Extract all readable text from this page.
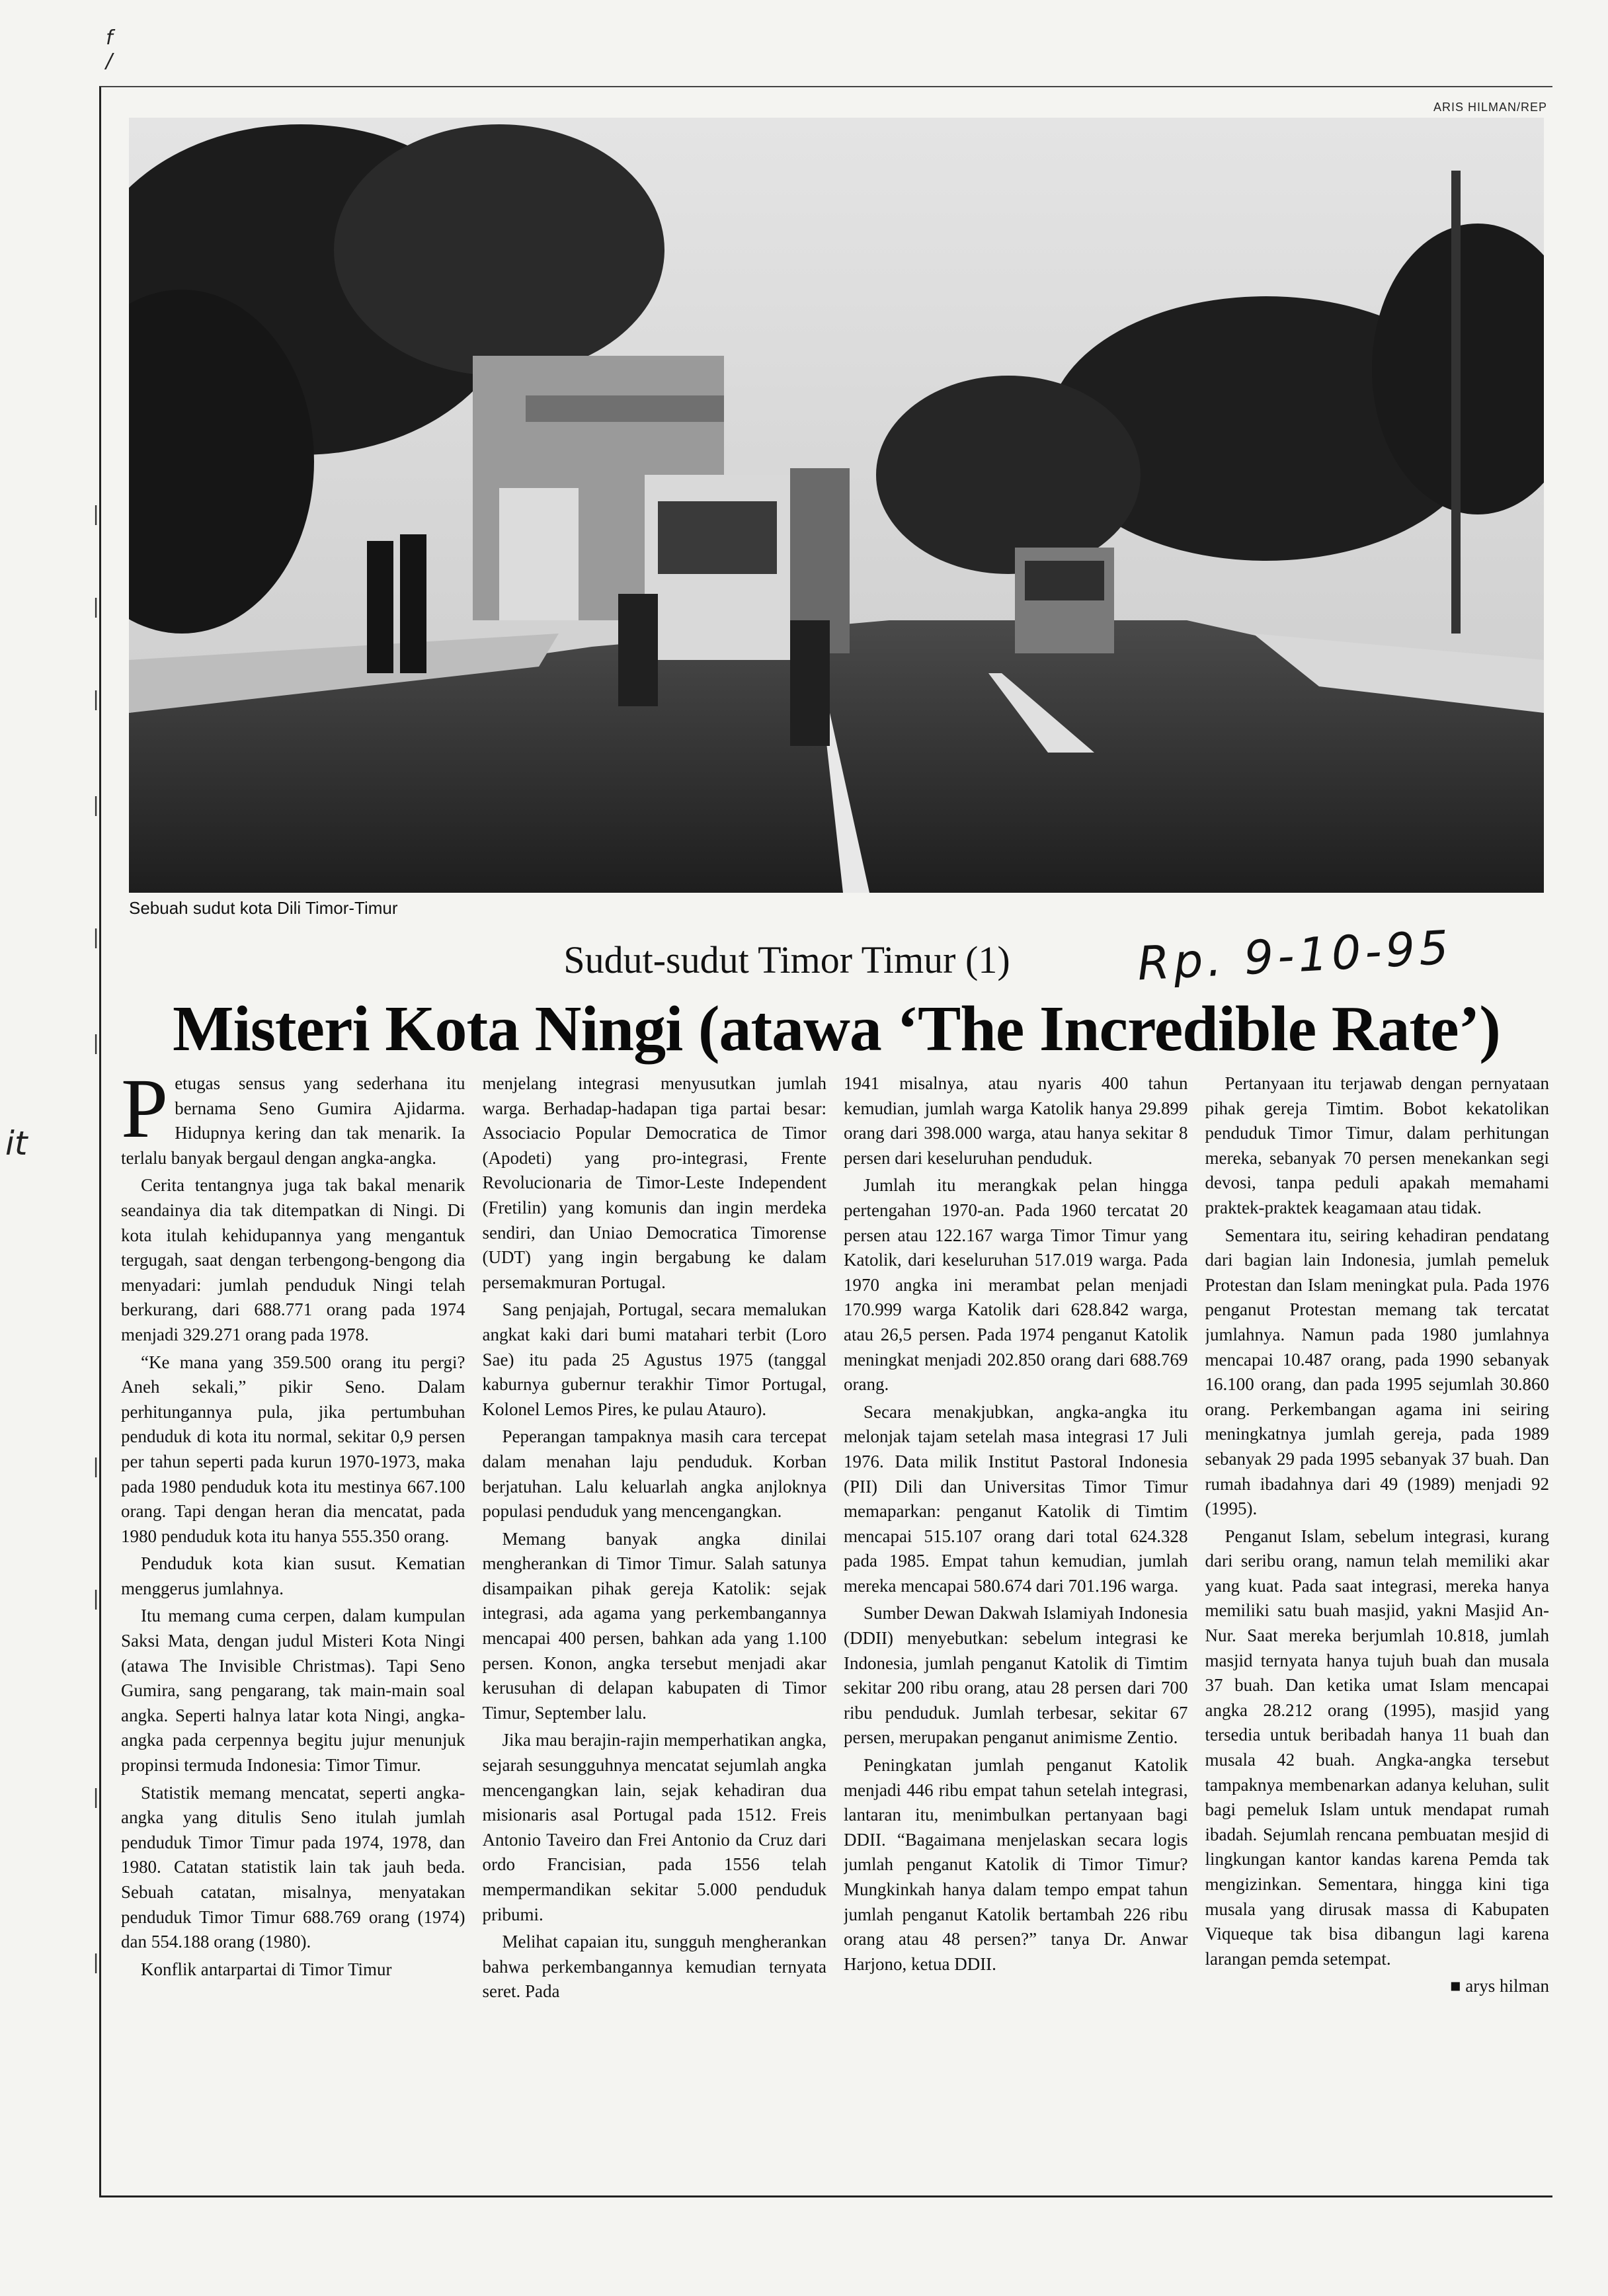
f /
it
|
|
|
|
|
|
|
|
|
|
ARIS HILMAN/REP
Sebuah sudut kota Dili Timor-Timur
Sudut-sudut Timor Timur (1)	Rp. 9-10-95
Misteri Kota Ningi (atawa ‘The Incredible Rate’)

Petugas sensus yang sederhana itu bernama Seno Gumira Ajidarma. Hidupnya kering dan tak menarik. Ia terlalu banyak bergaul dengan angka-angka.

Cerita tentangnya juga tak bakal menarik seandainya dia tak ditempatkan di Ningi. Di kota itulah kehidupannya yang mengantuk tergugah, saat dengan terbengong-bengong dia menyadari: jumlah penduduk Ningi telah berkurang, dari 688.771 orang pada 1974 menjadi 329.271 orang pada 1978.

“Ke mana yang 359.500 orang itu pergi? Aneh sekali,” pikir Seno. Dalam perhitungannya pula, jika pertumbuhan penduduk di kota itu normal, sekitar 0,9 persen per tahun seperti pada kurun 1970-1973, maka pada 1980 penduduk kota itu mestinya 667.100 orang. Tapi dengan heran dia mencatat, pada 1980 penduduk kota itu hanya 555.350 orang.

Penduduk kota kian susut. Kematian menggerus jumlahnya.

Itu memang cuma cerpen, dalam kumpulan Saksi Mata, dengan judul Misteri Kota Ningi (atawa The Invisible Christmas). Tapi Seno Gumira, sang pengarang, tak main-main soal angka. Seperti halnya latar kota Ningi, angka-angka pada cerpennya begitu jujur menunjuk propinsi termuda Indonesia: Timor Timur.

Statistik memang mencatat, seperti angka-angka yang ditulis Seno itulah jumlah penduduk Timor Timur pada 1974, 1978, dan 1980. Catatan statistik lain tak jauh beda. Sebuah catatan, misalnya, menyatakan penduduk Timor Timur 688.769 orang (1974) dan 554.188 orang (1980).

Konflik antarpartai di Timor Timur

menjelang integrasi menyusutkan jumlah warga. Berhadap-hadapan tiga partai besar: Associacio Popular Democratica de Timor (Apodeti) yang pro-integrasi, Frente Revolucionaria de Timor-Leste Independent (Fretilin) yang komunis dan ingin merdeka sendiri, dan Uniao Democratica Timorense (UDT) yang ingin bergabung ke dalam persemakmuran Portugal.

Sang penjajah, Portugal, secara memalukan angkat kaki dari bumi matahari terbit (Loro Sae) itu pada 25 Agustus 1975 (tanggal kaburnya gubernur terakhir Timor Portugal, Kolonel Lemos Pires, ke pulau Atauro).

Peperangan tampaknya masih cara tercepat dalam menahan laju penduduk. Korban berjatuhan. Lalu keluarlah angka anjloknya populasi penduduk yang mencengangkan.

Memang banyak angka dinilai mengherankan di Timor Timur. Salah satunya disampaikan pihak gereja Katolik: sejak integrasi, ada agama yang perkembangannya mencapai 400 persen, bahkan ada yang 1.100 persen. Konon, angka tersebut menjadi akar kerusuhan di delapan kabupaten di Timor Timur, September lalu.

Jika mau berajin-rajin memperhatikan angka, sejarah sesungguhnya mencatat sejumlah angka mencengangkan lain, sejak kehadiran dua misionaris asal Portugal pada 1512. Freis Antonio Taveiro dan Frei Antonio da Cruz dari ordo Francisian, pada 1556 telah mempermandikan sekitar 5.000 penduduk pribumi.

Melihat capaian itu, sungguh mengherankan bahwa perkembangannya kemudian ternyata seret. Pada

1941 misalnya, atau nyaris 400 tahun kemudian, jumlah warga Katolik hanya 29.899 orang dari 398.000 warga, atau hanya sekitar 8 persen dari keseluruhan penduduk.

Jumlah itu merangkak pelan hingga pertengahan 1970-an. Pada 1960 tercatat 20 persen atau 122.167 warga Timor Timur yang Katolik, dari keseluruhan 517.019 warga. Pada 1970 angka ini merambat pelan menjadi 170.999 warga Katolik dari 628.842 warga, atau 26,5 persen. Pada 1974 penganut Katolik meningkat menjadi 202.850 orang dari 688.769 orang.

Secara menakjubkan, angka-angka itu melonjak tajam setelah masa integrasi 17 Juli 1976. Data milik Institut Pastoral Indonesia (PII) Dili dan Universitas Timor Timur memaparkan: penganut Katolik di Timtim mencapai 515.107 orang dari total 624.328 pada 1985. Empat tahun kemudian, jumlah mereka mencapai 580.674 dari 701.196 warga.

Sumber Dewan Dakwah Islamiyah Indonesia (DDII) menyebutkan: sebelum integrasi ke Indonesia, jumlah penganut Katolik di Timtim sekitar 200 ribu orang, atau 28 persen dari 700 ribu penduduk. Jumlah terbesar, sekitar 67 persen, merupakan penganut animisme Zentio.

Peningkatan jumlah penganut Katolik menjadi 446 ribu empat tahun setelah integrasi, lantaran itu, menimbulkan pertanyaan bagi DDII. “Bagaimana menjelaskan secara logis jumlah penganut Katolik di Timor Timur? Mungkinkah hanya dalam tempo empat tahun jumlah penganut Katolik bertambah 226 ribu orang atau 48 persen?” tanya Dr. Anwar Harjono, ketua DDII.

Pertanyaan itu terjawab dengan pernyataan pihak gereja Timtim. Bobot kekatolikan penduduk Timor Timur, dalam perhitungan mereka, sebanyak 70 persen menekankan segi devosi, tanpa peduli apakah memahami praktek-praktek keagamaan atau tidak.

Sementara itu, seiring kehadiran pendatang dari bagian lain Indonesia, jumlah pemeluk Protestan dan Islam meningkat pula. Pada 1976 penganut Protestan memang tak tercatat jumlahnya. Namun pada 1980 jumlahnya mencapai 10.487 orang, pada 1990 sebanyak 16.100 orang, dan pada 1995 sejumlah 30.860 orang. Perkembangan agama ini seiring meningkatnya jumlah gereja, pada 1989 sebanyak 29 pada 1995 sebanyak 37 buah. Dan rumah ibadahnya dari 49 (1989) menjadi 92 (1995).

Penganut Islam, sebelum integrasi, kurang dari seribu orang, namun telah memiliki akar yang kuat. Pada saat integrasi, mereka hanya memiliki satu buah masjid, yakni Masjid An-Nur. Saat mereka berjumlah 10.818, jumlah masjid ternyata hanya tujuh buah dan musala 37 buah. Dan ketika umat Islam mencapai angka 28.212 orang (1995), masjid yang tersedia untuk beribadah hanya 11 buah dan musala 42 buah. Angka-angka tersebut tampaknya membenarkan adanya keluhan, sulit bagi pemeluk Islam untuk mendapat rumah ibadah. Sejumlah rencana pembuatan mesjid di lingkungan kantor kandas karena Pemda tak mengizinkan. Sementara, hingga kini tiga musala yang dirusak massa di Kabupaten Viqueque tak bisa dibangun lagi karena larangan pemda setempat.

■ arys hilman
